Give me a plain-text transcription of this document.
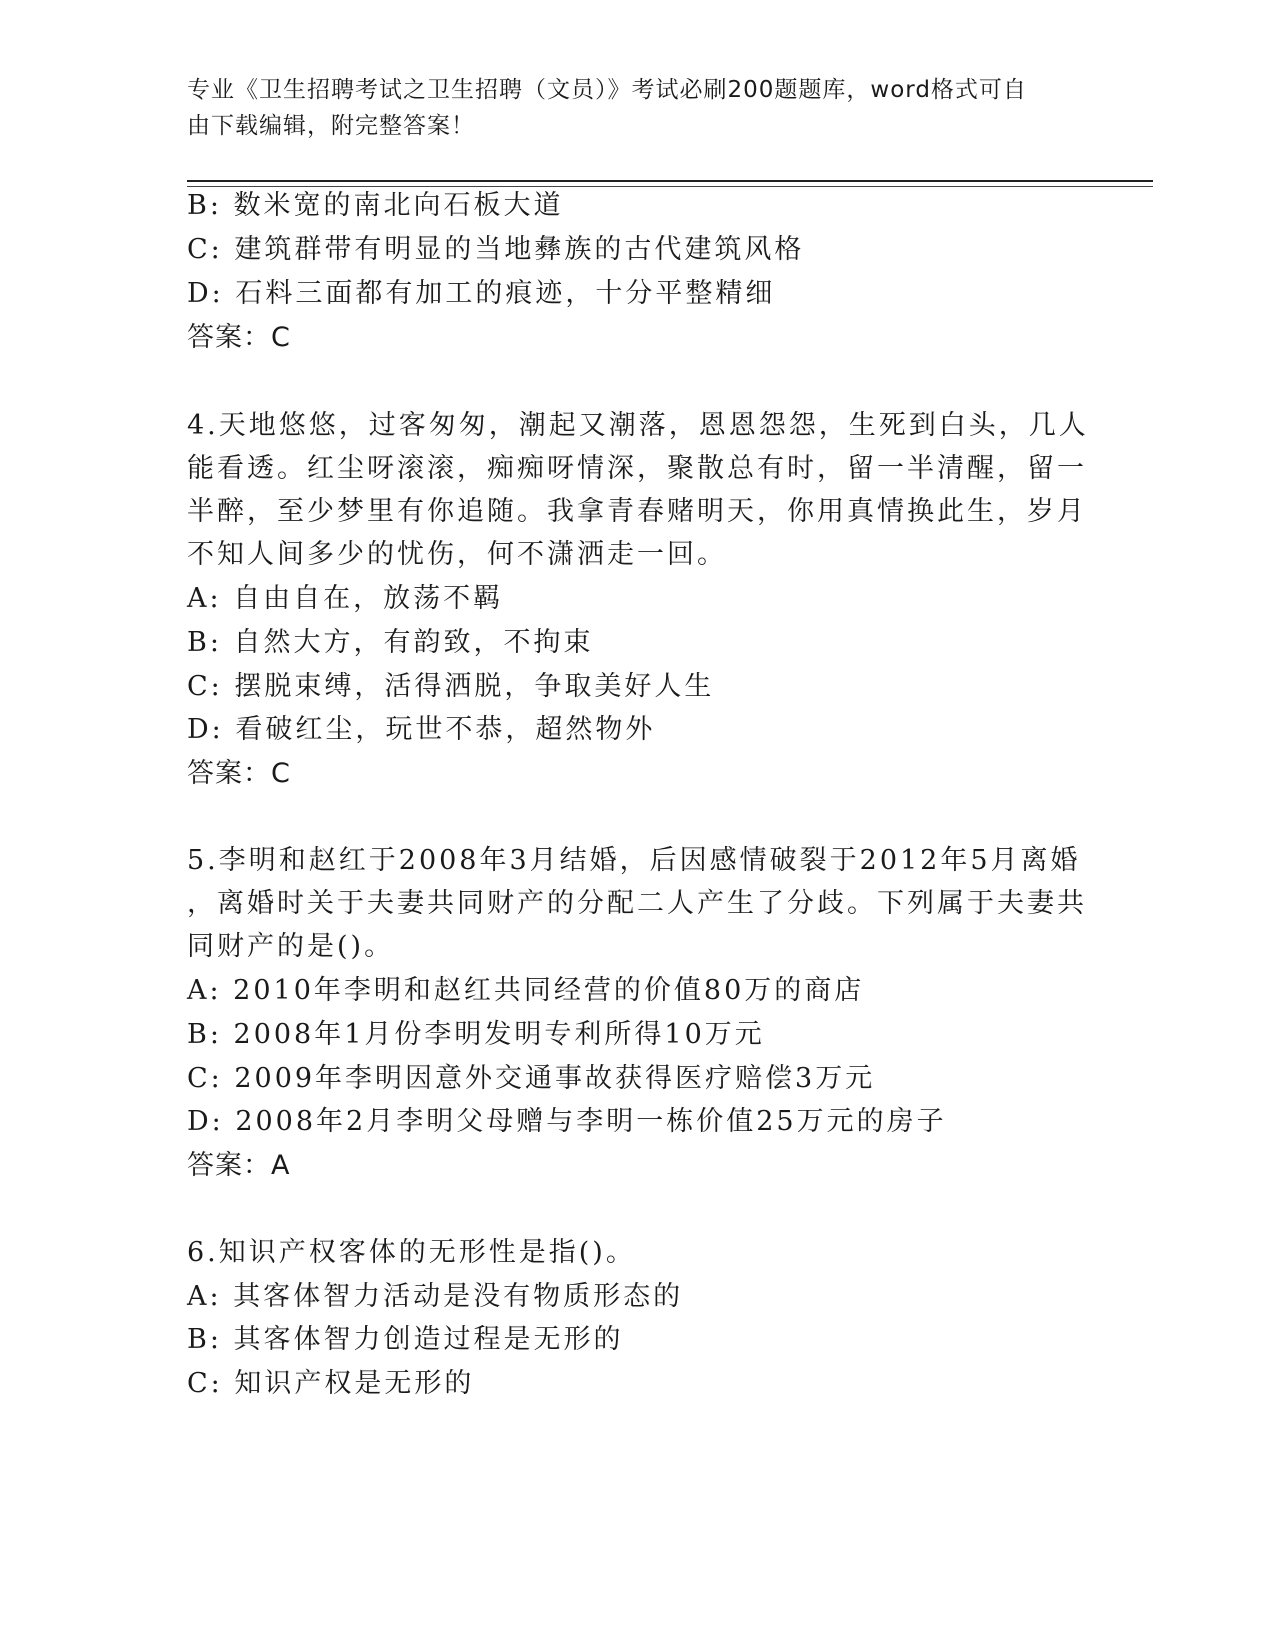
专业《卫生招聘考试之卫生招聘（文员）》考试必刷200题题库，word格式可自
由下载编辑，附完整答案！
B: 数米宽的南北向石板大道
C: 建筑群带有明显的当地彝族的古代建筑风格
D: 石料三面都有加工的痕迹，十分平整精细
答案：C
4.天地悠悠，过客匆匆，潮起又潮落，恩恩怨怨，生死到白头，几人
能看透。红尘呀滚滚，痴痴呀情深，聚散总有时，留一半清醒，留一
半醉，至少梦里有你追随。我拿青春赌明天，你用真情换此生，岁月
不知人间多少的忧伤，何不潇洒走一回。
A: 自由自在，放荡不羁
B: 自然大方，有韵致，不拘束
C: 摆脱束缚，活得洒脱，争取美好人生
D: 看破红尘，玩世不恭，超然物外
答案：C
5.李明和赵红于2008年3月结婚，后因感情破裂于2012年5月离婚
，离婚时关于夫妻共同财产的分配二人产生了分歧。下列属于夫妻共
同财产的是()。
A: 2010年李明和赵红共同经营的价值80万的商店
B: 2008年1月份李明发明专利所得10万元
C: 2009年李明因意外交通事故获得医疗赔偿3万元
D: 2008年2月李明父母赠与李明一栋价值25万元的房子
答案：A
6.知识产权客体的无形性是指()。
A: 其客体智力活动是没有物质形态的
B: 其客体智力创造过程是无形的
C: 知识产权是无形的
